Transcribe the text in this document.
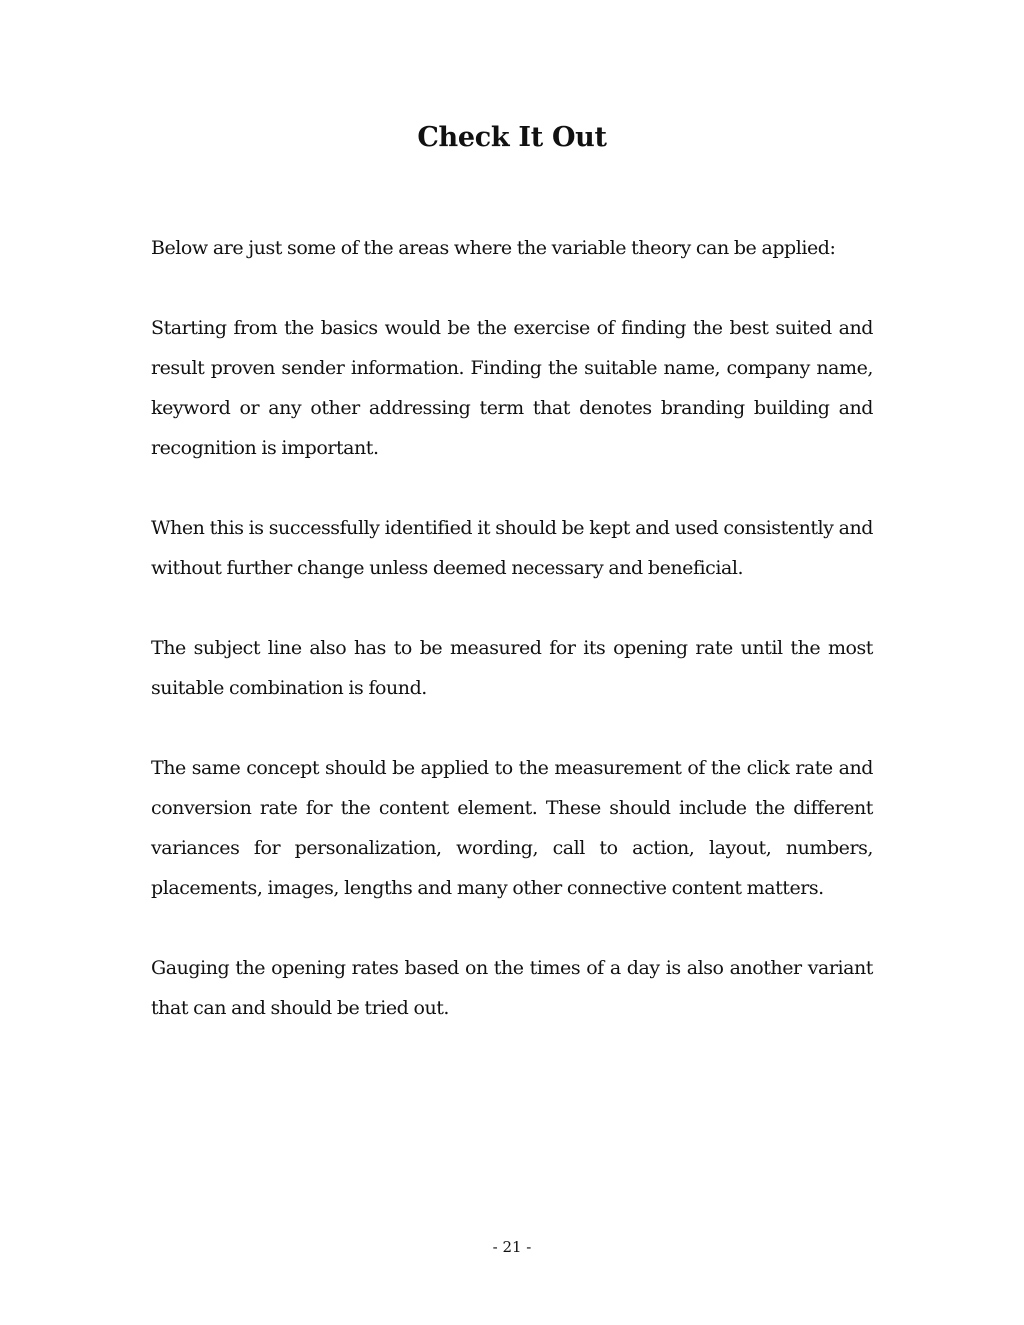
Check It Out

Below are just some of the areas where the variable theory can be applied:

Starting from the basics would be the exercise of finding the best suited and result proven sender information. Finding the suitable name, company name, keyword or any other addressing term that denotes branding building and recognition is important.

When this is successfully identified it should be kept and used consistently and without further change unless deemed necessary and beneficial.

The subject line also has to be measured for its opening rate until the most suitable combination is found.

The same concept should be applied to the measurement of the click rate and conversion rate for the content element. These should include the different variances for personalization, wording, call to action, layout, numbers, placements, images, lengths and many other connective content matters.

Gauging the opening rates based on the times of a day is also another variant that can and should be tried out.

- 21 -
